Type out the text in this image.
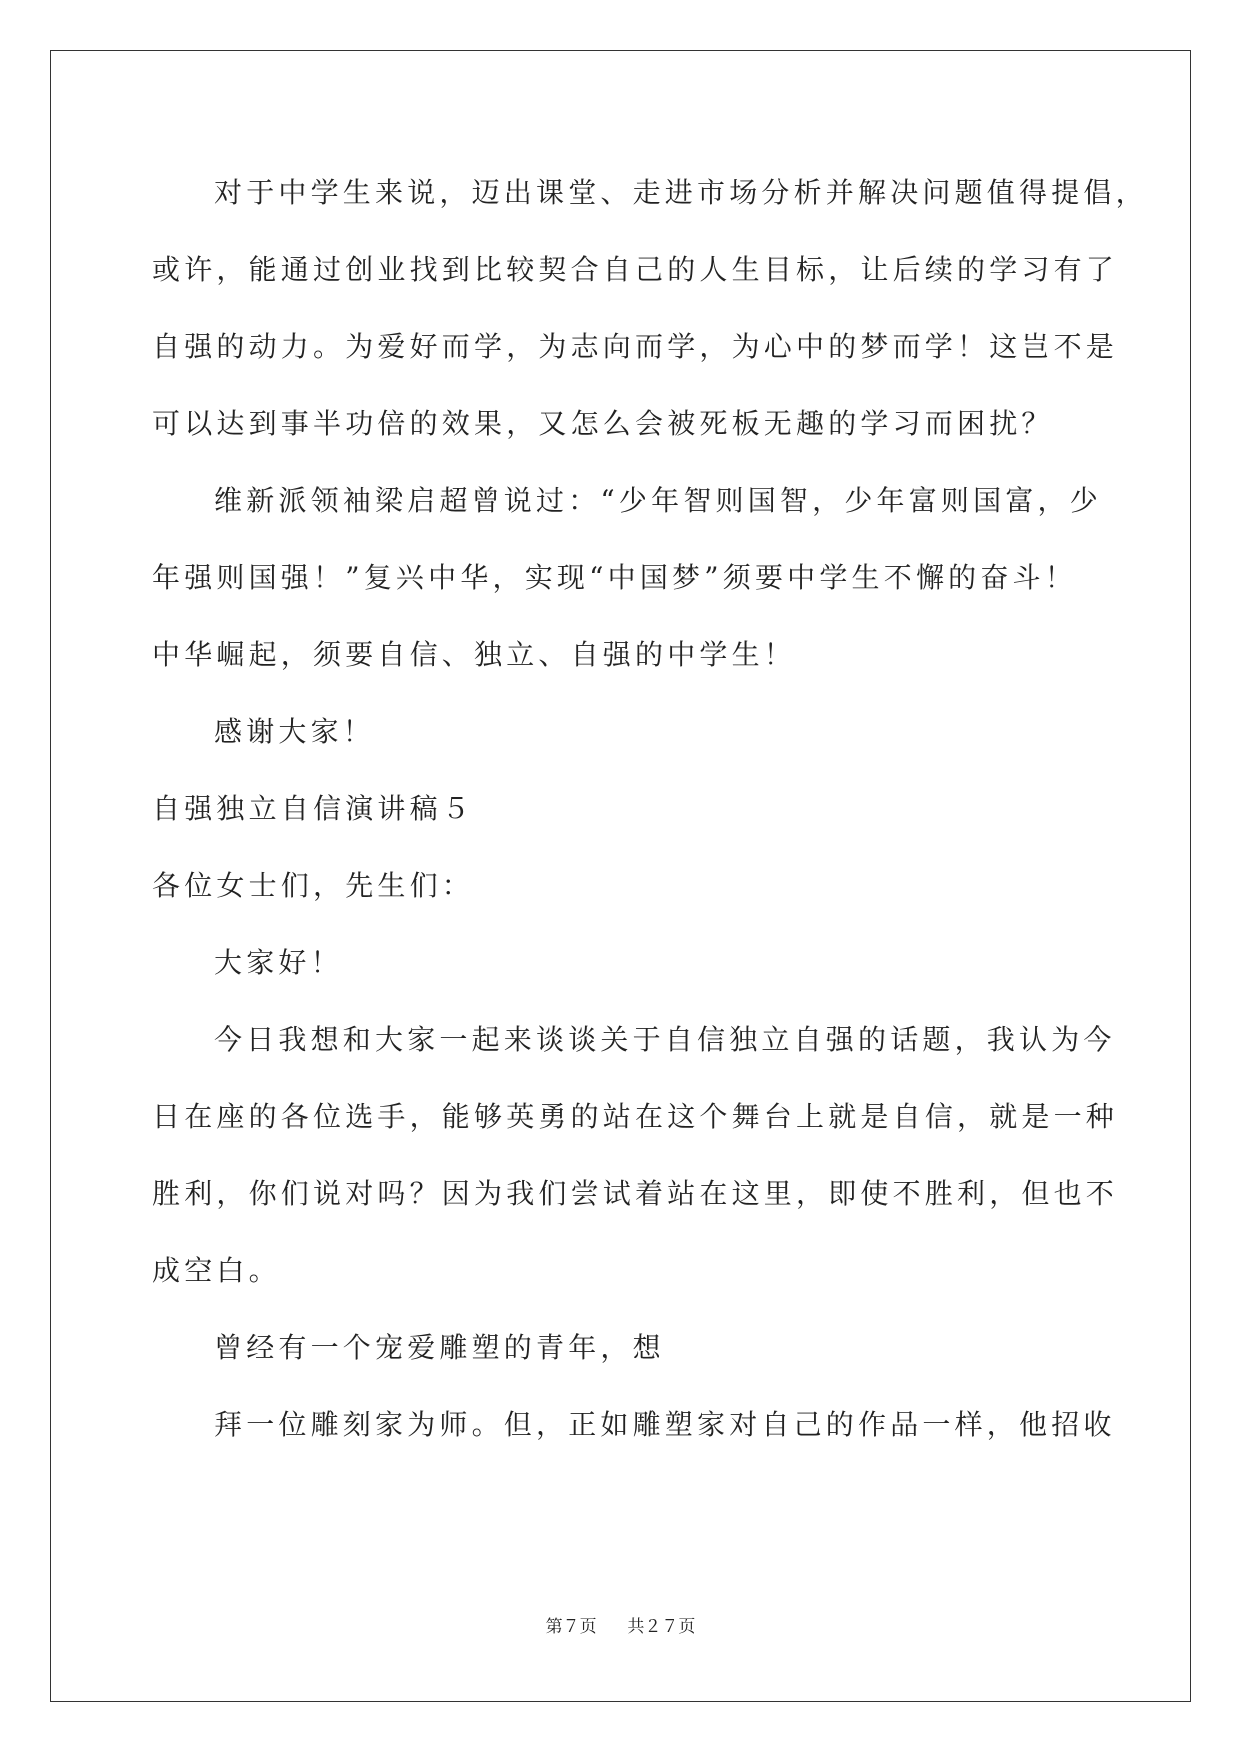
对于中学生来说，迈出课堂、走进市场分析并解决问题值得提倡，
或许，能通过创业找到比较契合自己的人生目标，让后续的学习有了
自强的动力。为爱好而学，为志向而学，为心中的梦而学！这岂不是
可以达到事半功倍的效果，又怎么会被死板无趣的学习而困扰？
维新派领袖梁启超曾说过：“少年智则国智，少年富则国富，少
年强则国强！”复兴中华，实现“中国梦”须要中学生不懈的奋斗！
中华崛起，须要自信、独立、自强的中学生！
感谢大家！
自强独立自信演讲稿５
各位女士们，先生们：
大家好！
今日我想和大家一起来谈谈关于自信独立自强的话题，我认为今
日在座的各位选手，能够英勇的站在这个舞台上就是自信，就是一种
胜利，你们说对吗？因为我们尝试着站在这里，即使不胜利，但也不
成空白。
曾经有一个宠爱雕塑的青年，想
拜一位雕刻家为师。但，正如雕塑家对自己的作品一样，他招收
第７页 共２７页
